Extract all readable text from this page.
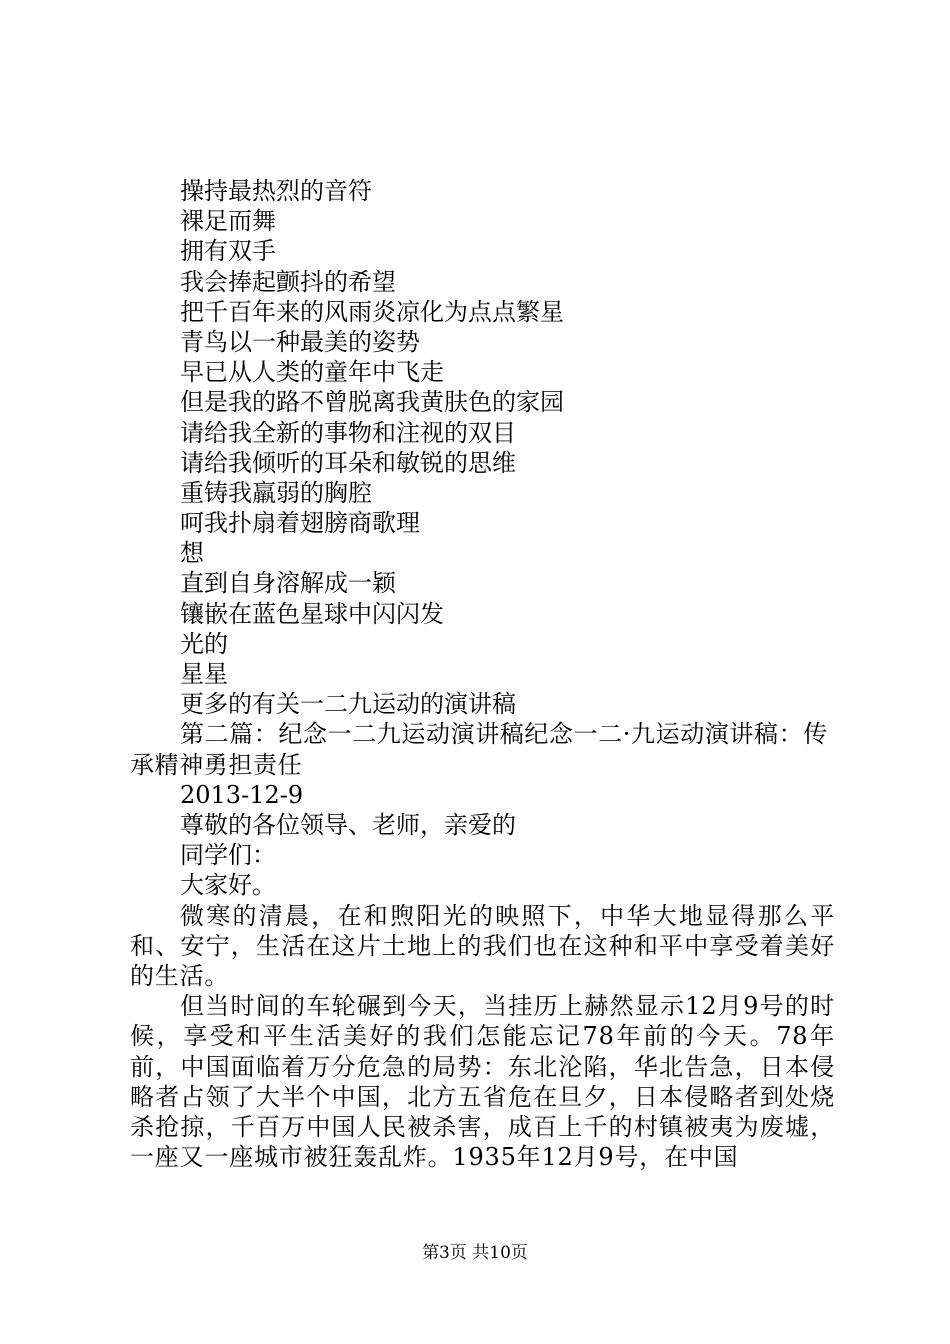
操持最热烈的音符
裸足而舞
拥有双手
我会捧起颤抖的希望
把千百年来的风雨炎凉化为点点繁星
青鸟以一种最美的姿势
早已从人类的童年中飞走
但是我的路不曾脱离我黄肤色的家园
请给我全新的事物和注视的双目
请给我倾听的耳朵和敏锐的思维
重铸我羸弱的胸腔
呵我扑扇着翅膀商歌理
想
直到自身溶解成一颖
镶嵌在蓝色星球中闪闪发
光的
星星
更多的有关一二九运动的演讲稿
第二篇：纪念一二九运动演讲稿纪念一二·九运动演讲稿：传承精神勇担责任
2013-12-9
尊敬的各位领导、老师，亲爱的
同学们：
大家好。
微寒的清晨，在和煦阳光的映照下，中华大地显得那么平和、安宁，生活在这片土地上的我们也在这种和平中享受着美好的生活。
但当时间的车轮碾到今天，当挂历上赫然显示12月9号的时候，享受和平生活美好的我们怎能忘记78年前的今天。78年前，中国面临着万分危急的局势：东北沦陷，华北告急，日本侵略者占领了大半个中国，北方五省危在旦夕，日本侵略者到处烧杀抢掠，千百万中国人民被杀害，成百上千的村镇被夷为废墟，一座又一座城市被狂轰乱炸。1935年12月9号，在中国
第3页 共10页
